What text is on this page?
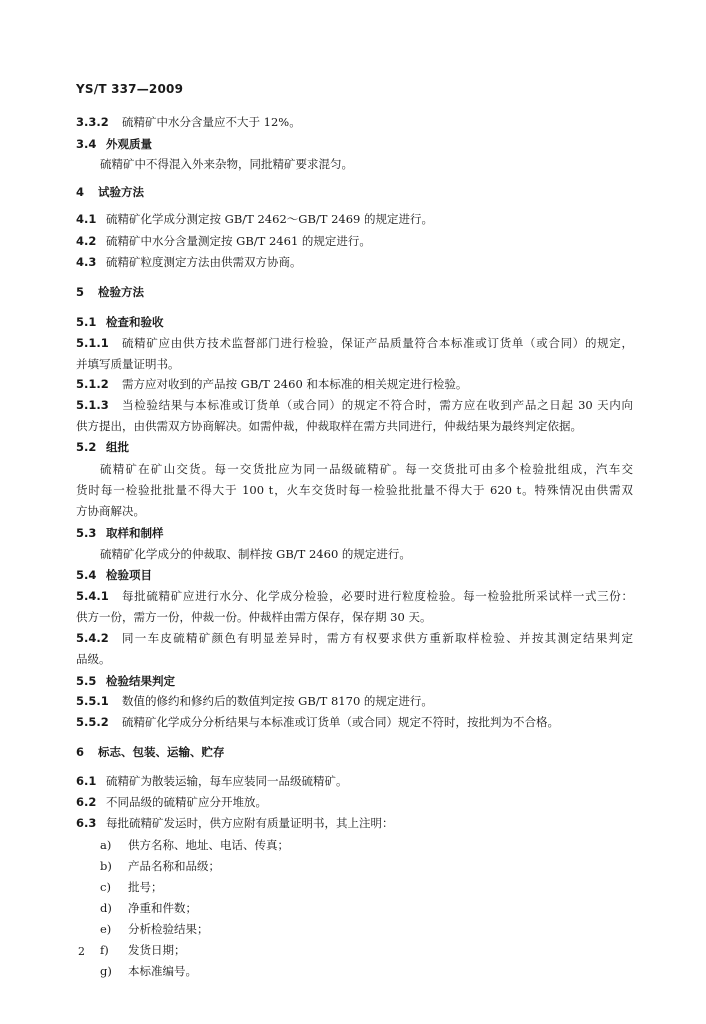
YS/T 337—2009
3.3.2 硫精矿中水分含量应不大于 12%。
3.4 外观质量
硫精矿中不得混入外来杂物，同批精矿要求混匀。
4 试验方法
4.1 硫精矿化学成分测定按 GB/T 2462～GB/T 2469 的规定进行。
4.2 硫精矿中水分含量测定按 GB/T 2461 的规定进行。
4.3 硫精矿粒度测定方法由供需双方协商。
5 检验方法
5.1 检查和验收
5.1.1	硫精矿应由供方技术监督部门进行检验，保证产品质量符合本标准或订货单（或合同）的规定，
并填写质量证明书。
5.1.2 需方应对收到的产品按 GB/T 2460 和本标准的相关规定进行检验。
5.1.3	当检验结果与本标准或订货单（或合同）的规定不符合时，需方应在收到产品之日起 30 天内向
供方提出，由供需双方协商解决。如需仲裁，仲裁取样在需方共同进行，仲裁结果为最终判定依据。
5.2 组批
硫精矿在矿山交货。每一交货批应为同一品级硫精矿。每一交货批可由多个检验批组成，汽车交
货时每一检验批批量不得大于 100 t，火车交货时每一检验批批量不得大于 620 t。特殊情况由供需双
方协商解决。
5.3 取样和制样
硫精矿化学成分的仲裁取、制样按 GB/T 2460 的规定进行。
5.4 检验项目
5.4.1	每批硫精矿应进行水分、化学成分检验，必要时进行粒度检验。每一检验批所采试样一式三份：
供方一份，需方一份，仲裁一份。仲裁样由需方保存，保存期 30 天。
5.4.2	同一车皮硫精矿颜色有明显差异时，需方有权要求供方重新取样检验、并按其测定结果判定
品级。
5.5 检验结果判定
5.5.1 数值的修约和修约后的数值判定按 GB/T 8170 的规定进行。
5.5.2 硫精矿化学成分分析结果与本标准或订货单（或合同）规定不符时，按批判为不合格。
6 标志、包装、运输、贮存
6.1 硫精矿为散装运输，每车应装同一品级硫精矿。
6.2 不同品级的硫精矿应分开堆放。
6.3 每批硫精矿发运时，供方应附有质量证明书，其上注明：
a) 供方名称、地址、电话、传真；
b) 产品名称和品级；
c) 批号；
d) 净重和件数；
e) 分析检验结果；
f) 发货日期；
g) 本标准编号。
2
